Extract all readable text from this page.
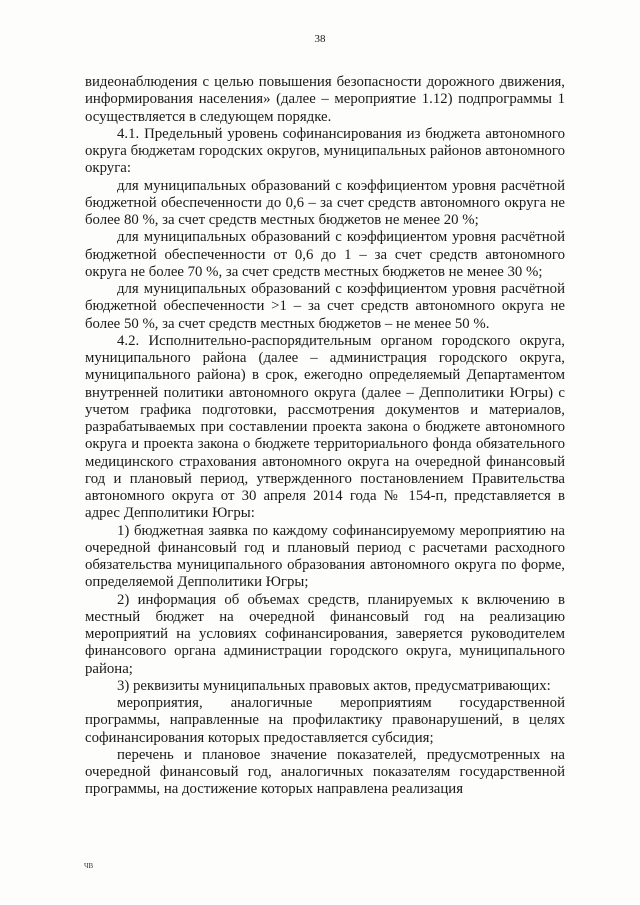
38

видеонаблюдения с целью повышения безопасности дорожного движения, информирования населения» (далее – мероприятие 1.12) подпрограммы 1 осуществляется в следующем порядке.

4.1. Предельный уровень софинансирования из бюджета автономного округа бюджетам городских округов, муниципальных районов автономного округа:

для муниципальных образований с коэффициентом уровня расчётной бюджетной обеспеченности до 0,6 – за счет средств автономного округа не более 80 %, за счет средств местных бюджетов не менее 20 %;

для муниципальных образований с коэффициентом уровня расчётной бюджетной обеспеченности от 0,6 до 1 – за счет средств автономного округа не более 70 %, за счет средств местных бюджетов не менее 30 %;

для муниципальных образований с коэффициентом уровня расчётной бюджетной обеспеченности >1 – за счет средств автономного округа не более 50 %, за счет средств местных бюджетов – не менее 50 %.

4.2. Исполнительно-распорядительным органом городского округа, муниципального района (далее – администрация городского округа, муниципального района) в срок, ежегодно определяемый Департаментом внутренней политики автономного округа (далее – Депполитики Югры) с учетом графика подготовки, рассмотрения документов и материалов, разрабатываемых при составлении проекта закона о бюджете автономного округа и проекта закона о бюджете территориального фонда обязательного медицинского страхования автономного округа на очередной финансовый год и плановый период, утвержденного постановлением Правительства автономного округа от 30 апреля 2014 года № 154-п, представляется в адрес Депполитики Югры:

1) бюджетная заявка по каждому софинансируемому мероприятию на очередной финансовый год и плановый период с расчетами расходного обязательства муниципального образования автономного округа по форме, определяемой Депполитики Югры;

2) информация об объемах средств, планируемых к включению в местный бюджет на очередной финансовый год на реализацию мероприятий на условиях софинансирования, заверяется руководителем финансового органа администрации городского округа, муниципального района;

3) реквизиты муниципальных правовых актов, предусматривающих:

мероприятия, аналогичные мероприятиям государственной программы, направленные на профилактику правонарушений, в целях софинансирования которых предоставляется субсидия;

перечень и плановое значение показателей, предусмотренных на очередной финансовый год, аналогичных показателям государственной программы, на достижение которых направлена реализация

ЧВ
